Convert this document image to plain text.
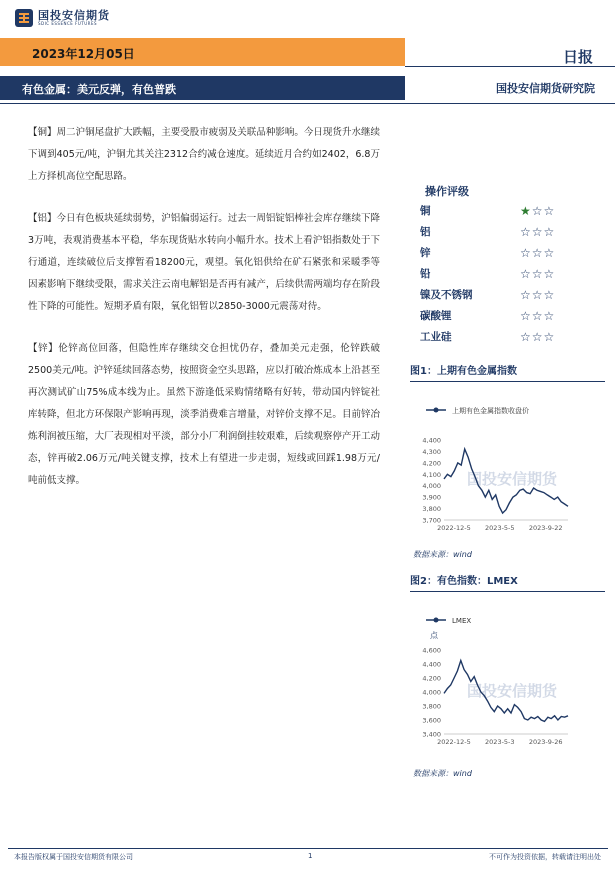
国投安信期货
SDIC ESSENCE FUTURES
2023年12月05日	日报
有色金属：美元反弹，有色普跌	国投安信期货研究院

【铜】周二沪铜尾盘扩大跌幅，主要受股市疲弱及关联品种影响。今日现货升水继续下调到405元/吨，沪铜尤其关注2312合约减仓速度。延续近月合约如2402，6.8万上方择机高位空配思路。

【铝】今日有色板块延续弱势，沪铝偏弱运行。过去一周铝锭铝棒社会库存继续下降3万吨，表观消费基本平稳，华东现货贴水转向小幅升水。技术上看沪铝指数处于下行通道，连续破位后支撑暂看18200元，观望。氧化铝供给在矿石紧张和采暖季等因素影响下继续受限，需求关注云南电解铝是否再有减产，后续供需两端均存在阶段性下降的可能性。短期矛盾有限，氧化铝暂以2850-3000元震荡对待。

【锌】伦锌高位回落，但隐性库存继续交仓担忧仍存，叠加美元走强，伦锌跌破2500美元/吨。沪锌延续回落态势，按照资金空头思路，应以打破冶炼成本上沿甚至再次测试矿山75%成本线为止。虽然下游逢低采购情绪略有好转，带动国内锌锭社库转降，但北方环保限产影响再现，淡季消费难言增量，对锌价支撑不足。目前锌冶炼利润被压缩，大厂表现相对平淡，部分小厂利润倒挂较艰难，后续观察停产开工动态，锌再破2.06万元/吨关键支撑，技术上有望进一步走弱，短线或回踩1.98万元/吨前低支撑。

操作评级
铜	★☆☆
铝	☆☆☆
锌	☆☆☆
铅	☆☆☆
镍及不锈钢	☆☆☆
碳酸锂	☆☆☆
工业硅	☆☆☆
图1：上期有色金属指数
上期有色金属指数收盘价
3,700
3,800
3,900
4,000
4,100
4,200
4,300
4,400
2022-12-5 2023-5-5 2023-9-22
国投安信期货
数据来源：wind
图2：有色指数：LMEX
LMEX
点
3,400
3,600
3,800
4,000
4,200
4,400
4,600
2022-12-5 2023-5-3 2023-9-26
国投安信期货
数据来源：wind
本报告版权属于国投安信期货有限公司	1	不可作为投资依据，转载请注明出处
